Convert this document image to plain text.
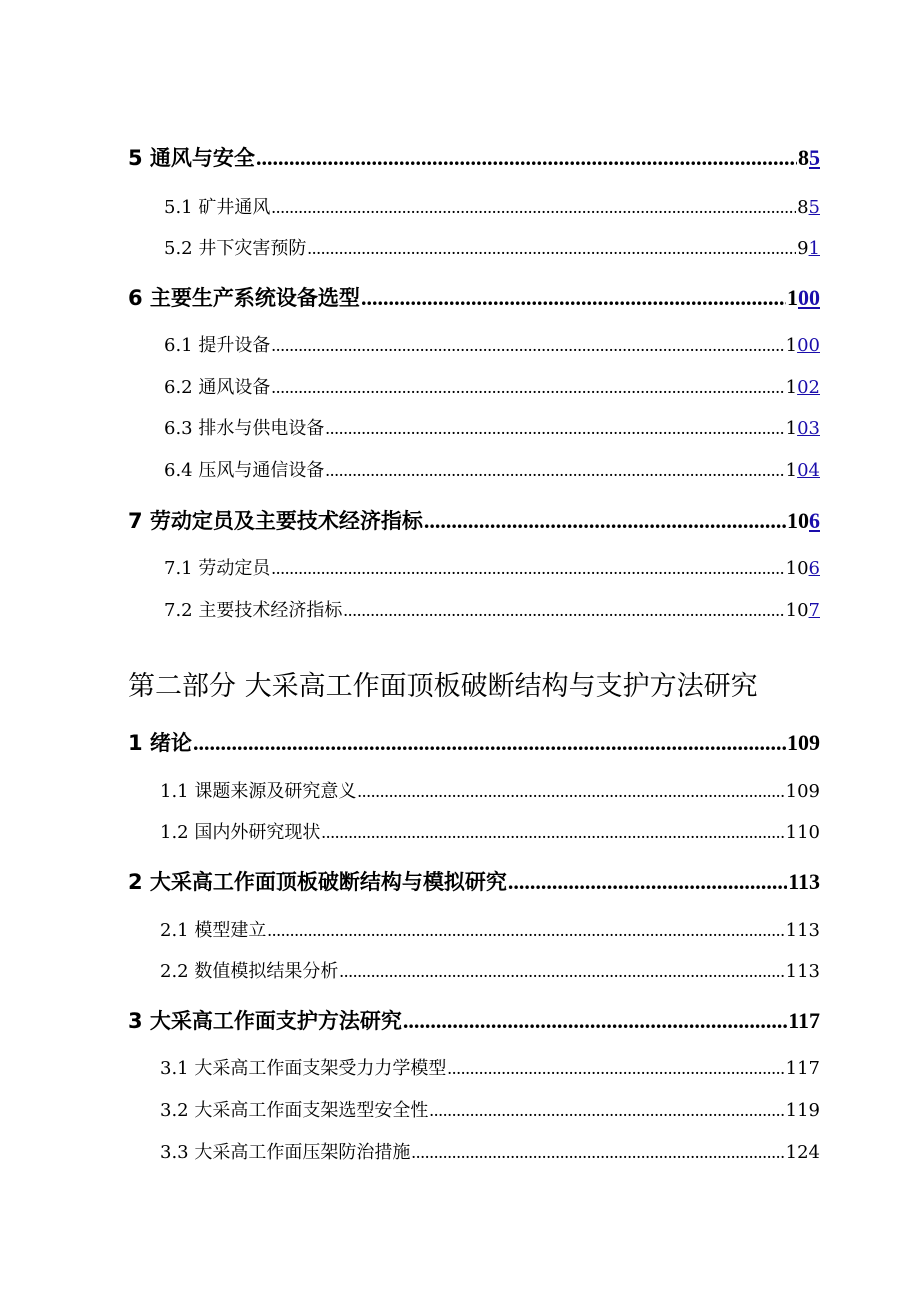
5 通风与安全 .....	85
5.1 矿井通风 .....	85
5.2 井下灾害预防 .....	91
6 主要生产系统设备选型 .....	100
6.1 提升设备 .....	100
6.2 通风设备 .....	102
6.3 排水与供电设备 .....	103
6.4 压风与通信设备 .....	104
7 劳动定员及主要技术经济指标 .....	106
7.1 劳动定员 .....	106
7.2 主要技术经济指标 .....	107
第二部分 大采高工作面顶板破断结构与支护方法研究
1 绪论 .....	109
1.1 课题来源及研究意义 .....	109
1.2 国内外研究现状 .....	110
2 大采高工作面顶板破断结构与模拟研究 .....	113
2.1 模型建立 .....	113
2.2 数值模拟结果分析 .....	113
3 大采高工作面支护方法研究 .....	117
3.1 大采高工作面支架受力力学模型 .....	117
3.2 大采高工作面支架选型安全性 .....	119
3.3 大采高工作面压架防治措施 .....	124
